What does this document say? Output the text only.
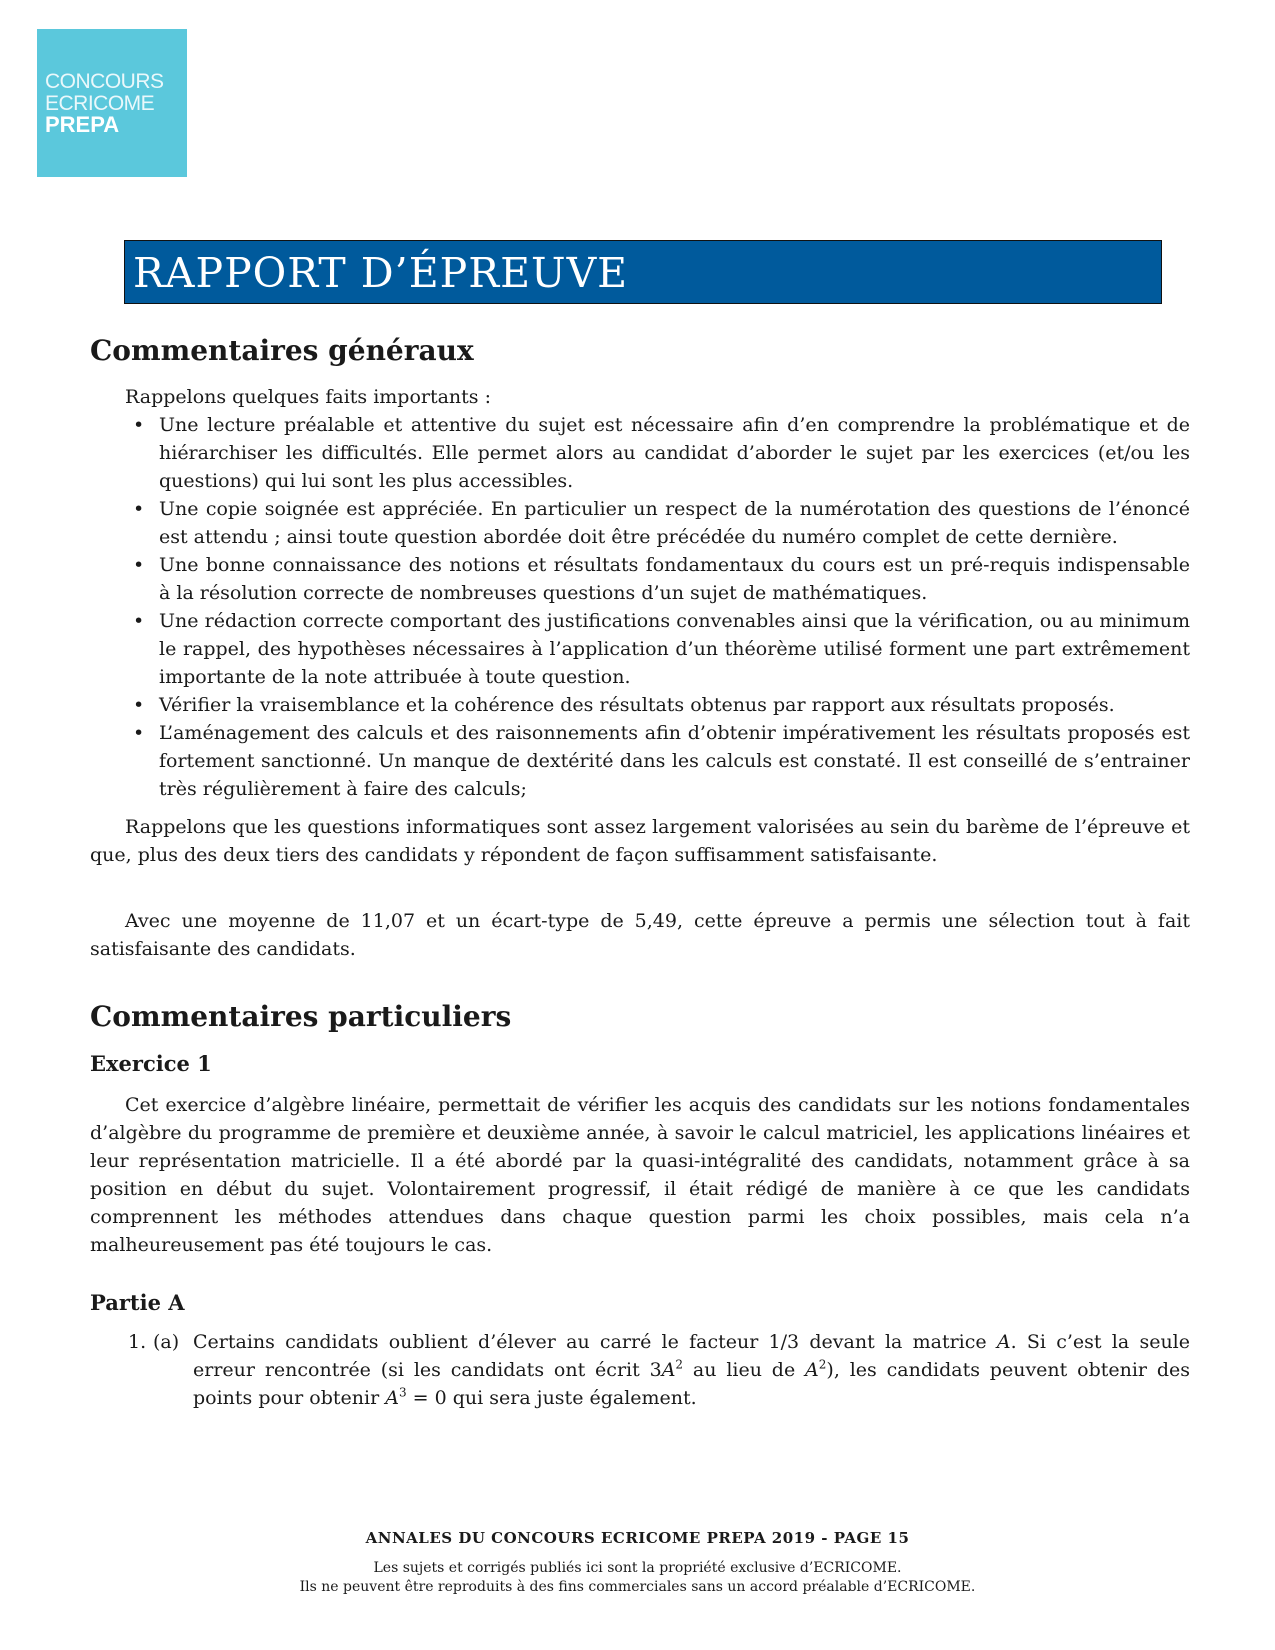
CONCOURS
ECRICOME
PREPA
RAPPORT D’ÉPREUVE
Commentaires généraux

Rappelons quelques faits importants :

• Une lecture préalable et attentive du sujet est nécessaire afin d’en comprendre la problématique et de hiérarchiser les difficultés. Elle permet alors au candidat d’aborder le sujet par les exercices (et/ou les questions) qui lui sont les plus accessibles.
• Une copie soignée est appréciée. En particulier un respect de la numérotation des questions de l’énoncé est attendu ; ainsi toute question abordée doit être précédée du numéro complet de cette dernière.
• Une bonne connaissance des notions et résultats fondamentaux du cours est un pré-requis indispensable à la résolution correcte de nombreuses questions d’un sujet de mathématiques.
• Une rédaction correcte comportant des justifications convenables ainsi que la vérification, ou au minimum le rappel, des hypothèses nécessaires à l’application d’un théorème utilisé forment une part extrêmement importante de la note attribuée à toute question.
• Vérifier la vraisemblance et la cohérence des résultats obtenus par rapport aux résultats proposés.
• L’aménagement des calculs et des raisonnements afin d’obtenir impérativement les résultats proposés est fortement sanctionné. Un manque de dextérité dans les calculs est constaté. Il est conseillé de s’entrainer très régulièrement à faire des calculs;

Rappelons que les questions informatiques sont assez largement valorisées au sein du barème de l’épreuve et que, plus des deux tiers des candidats y répondent de façon suffisamment satisfaisante.

Avec une moyenne de 11,07 et un écart-type de 5,49, cette épreuve a permis une sélection tout à fait satisfaisante des candidats.

Commentaires particuliers
Exercice 1

Cet exercice d’algèbre linéaire, permettait de vérifier les acquis des candidats sur les notions fondamentales d’algèbre du programme de première et deuxième année, à savoir le calcul matriciel, les applications linéaires et leur représentation matricielle. Il a été abordé par la quasi-intégralité des candidats, notamment grâce à sa position en début du sujet. Volontairement progressif, il était rédigé de manière à ce que les candidats comprennent les méthodes attendues dans chaque question parmi les choix possibles, mais cela n’a malheureusement pas été toujours le cas.

Partie A
1. (a) Certains candidats oublient d’élever au carré le facteur 1/3 devant la matrice A. Si c’est la seule erreur rencontrée (si les candidats ont écrit $3A^2$ au lieu de $A^2$), les candidats peuvent obtenir des points pour obtenir $A^3 = 0$ qui sera juste également.
ANNALES DU CONCOURS ECRICOME PREPA 2019 - PAGE 15
Les sujets et corrigés publiés ici sont la propriété exclusive d’ECRICOME.
Ils ne peuvent être reproduits à des fins commerciales sans un accord préalable d’ECRICOME.
